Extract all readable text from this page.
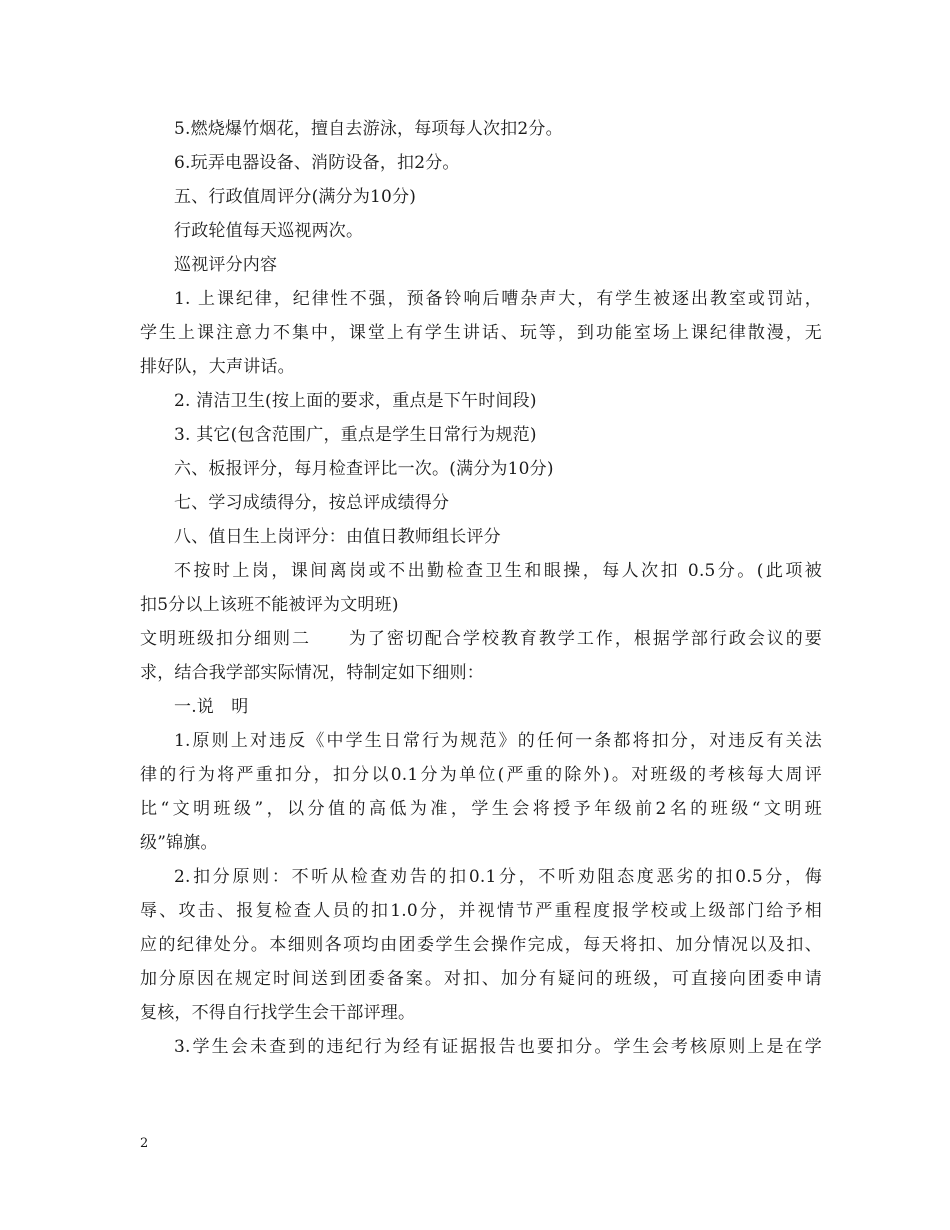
5.燃烧爆竹烟花，擅自去游泳，每项每人次扣2分。
6.玩弄电器设备、消防设备，扣2分。
五、行政值周评分(满分为10分)
行政轮值每天巡视两次。
巡视评分内容
1. 上课纪律，纪律性不强，预备铃响后嘈杂声大，有学生被逐出教室或罚站，
学生上课注意力不集中，课堂上有学生讲话、玩等，到功能室场上课纪律散漫，无
排好队，大声讲话。
2. 清洁卫生(按上面的要求，重点是下午时间段)
3. 其它(包含范围广，重点是学生日常行为规范)
六、板报评分，每月检查评比一次。(满分为10分)
七、学习成绩得分，按总评成绩得分
八、值日生上岗评分：由值日教师组长评分
不按时上岗，课间离岗或不出勤检查卫生和眼操，每人次扣 0.5分。(此项被
扣5分以上该班不能被评为文明班)
文明班级扣分细则二　　为了密切配合学校教育教学工作，根据学部行政会议的要
求，结合我学部实际情况，特制定如下细则：
一.说　明
1.原则上对违反《中学生日常行为规范》的任何一条都将扣分，对违反有关法
律的行为将严重扣分，扣分以0.1分为单位(严重的除外)。对班级的考核每大周评
比“文明班级”，以分值的高低为准，学生会将授予年级前2名的班级“文明班
级”锦旗。
2.扣分原则：不听从检查劝告的扣0.1分，不听劝阻态度恶劣的扣0.5分，侮
辱、攻击、报复检查人员的扣1.0分，并视情节严重程度报学校或上级部门给予相
应的纪律处分。本细则各项均由团委学生会操作完成，每天将扣、加分情况以及扣、
加分原因在规定时间送到团委备案。对扣、加分有疑问的班级，可直接向团委申请
复核，不得自行找学生会干部评理。
3.学生会未查到的违纪行为经有证据报告也要扣分。学生会考核原则上是在学
2
